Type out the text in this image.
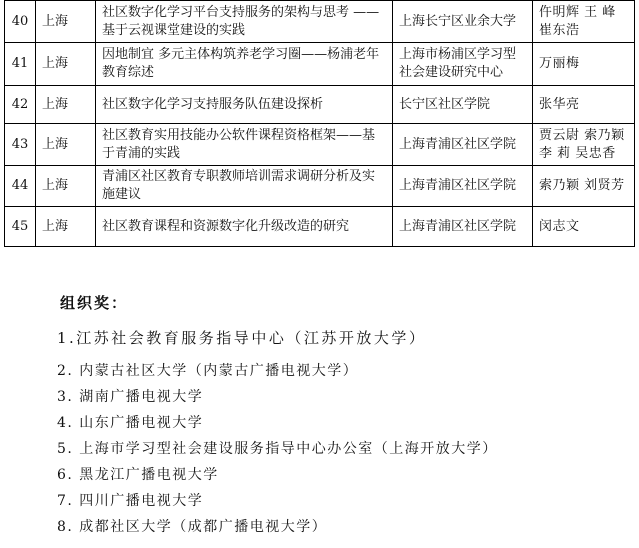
40	上海	社区数字化学习平台支持服务的架构与思考 ——基于云视课堂建设的实践	上海长宁区业余大学	仵明辉 王 峰 崔东浩
41	上海	因地制宜 多元主体构筑养老学习圈——杨浦老年教育综述	上海市杨浦区学习型社会建设研究中心	万丽梅
42	上海	社区数字化学习支持服务队伍建设探析	长宁区社区学院	张华亮
43	上海	社区教育实用技能办公软件课程资格框架——基于青浦的实践	上海青浦区社区学院	贾云尉 索乃颖 李 莉 吴忠香
44	上海	青浦区社区教育专职教师培训需求调研分析及实施建议	上海青浦区社区学院	索乃颖 刘贤芳
45	上海	社区教育课程和资源数字化升级改造的研究	上海青浦区社区学院	闵志文
组织奖：
1.江苏社会教育服务指导中心（江苏开放大学）
2. 内蒙古社区大学（内蒙古广播电视大学）
3. 湖南广播电视大学
4. 山东广播电视大学
5. 上海市学习型社会建设服务指导中心办公室（上海开放大学）
6. 黑龙江广播电视大学
7. 四川广播电视大学
8. 成都社区大学（成都广播电视大学）
